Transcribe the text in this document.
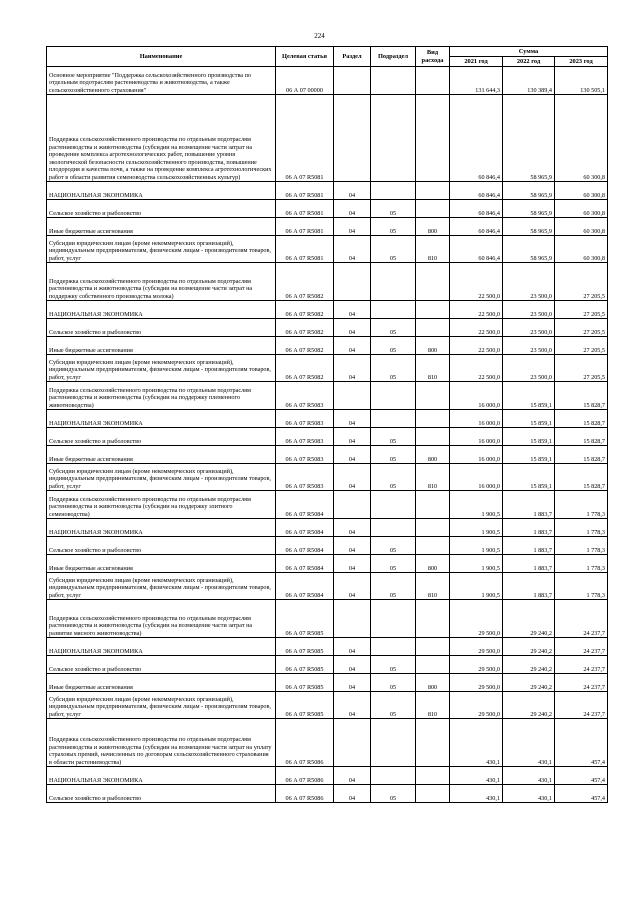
224
Наименование	Целевая статья	Раздел	Подраздел	Вид расхода	Сумма		
					2021 год	2022 год	2023 год
Основное мероприятие "Поддержка сельскохозяйственного производства по отдельным подотраслям растениеводства и животноводства, а также сельскохозяйственного страхования"	06 А 07 00000				131 644,3	130 389,4	130 505,1
Поддержка сельскохозяйственного производства по отдельным подотраслям растениеводства и животноводства (субсидии на возмещение части затрат на проведение комплекса агротехнологических работ, повышение уровня экологической безопасности сельскохозяйственного производства, повышение плодородия и качества почв, а также на проведение комплекса агротехнологических работ в области развития семеноводства сельскохозяйственных культур)	06 А 07 R5081				60 846,4	58 965,9	60 300,8
НАЦИОНАЛЬНАЯ ЭКОНОМИКА	06 А 07 R5081	04			60 846,4	58 965,9	60 300,8
Сельское хозяйство и рыболовство	06 А 07 R5081	04	05		60 846,4	58 965,9	60 300,8
Иные бюджетные ассигнования	06 А 07 R5081	04	05	800	60 846,4	58 965,9	60 300,8
Субсидии юридическим лицам (кроме некоммерческих организаций), индивидуальным предпринимателям, физическим лицам - производителям товаров, работ, услуг	06 А 07 R5081	04	05	810	60 846,4	58 965,9	60 300,8
Поддержка сельскохозяйственного производства по отдельным подотраслям растениеводства и животноводства (субсидии на возмещение части затрат на поддержку собственного производства молока)	06 А 07 R5082				22 500,0	23 500,0	27 205,5
НАЦИОНАЛЬНАЯ ЭКОНОМИКА	06 А 07 R5082	04			22 500,0	23 500,0	27 205,5
Сельское хозяйство и рыболовство	06 А 07 R5082	04	05		22 500,0	23 500,0	27 205,5
Иные бюджетные ассигнования	06 А 07 R5082	04	05	800	22 500,0	23 500,0	27 205,5
Субсидии юридическим лицам (кроме некоммерческих организаций), индивидуальным предпринимателям, физическим лицам - производителям товаров, работ, услуг	06 А 07 R5082	04	05	810	22 500,0	23 500,0	27 205,5
Поддержка сельскохозяйственного производства по отдельным подотраслям растениеводства и животноводства (субсидии на поддержку племенного животноводства)	06 А 07 R5083				16 000,0	15 859,1	15 828,7
НАЦИОНАЛЬНАЯ ЭКОНОМИКА	06 А 07 R5083	04			16 000,0	15 859,1	15 828,7
Сельское хозяйство и рыболовство	06 А 07 R5083	04	05		16 000,0	15 859,1	15 828,7
Иные бюджетные ассигнования	06 А 07 R5083	04	05	800	16 000,0	15 859,1	15 828,7
Субсидии юридическим лицам (кроме некоммерческих организаций), индивидуальным предпринимателям, физическим лицам - производителям товаров, работ, услуг	06 А 07 R5083	04	05	810	16 000,0	15 859,1	15 828,7
Поддержка сельскохозяйственного производства по отдельным подотраслям растениеводства и животноводства (субсидии на поддержку элитного семеноводства)	06 А 07 R5084				1 900,5	1 883,7	1 778,3
НАЦИОНАЛЬНАЯ ЭКОНОМИКА	06 А 07 R5084	04			1 900,5	1 883,7	1 778,3
Сельское хозяйство и рыболовство	06 А 07 R5084	04	05		1 900,5	1 883,7	1 778,3
Иные бюджетные ассигнования	06 А 07 R5084	04	05	800	1 900,5	1 883,7	1 778,3
Субсидии юридическим лицам (кроме некоммерческих организаций), индивидуальным предпринимателям, физическим лицам - производителям товаров, работ, услуг	06 А 07 R5084	04	05	810	1 900,5	1 883,7	1 778,3
Поддержка сельскохозяйственного производства по отдельным подотраслям растениеводства и животноводства (субсидии на возмещение части затрат на развитие мясного животноводства)	06 А 07 R5085				29 500,0	29 240,2	24 237,7
НАЦИОНАЛЬНАЯ ЭКОНОМИКА	06 А 07 R5085	04			29 500,0	29 240,2	24 237,7
Сельское хозяйство и рыболовство	06 А 07 R5085	04	05		29 500,0	29 240,2	24 237,7
Иные бюджетные ассигнования	06 А 07 R5085	04	05	800	29 500,0	29 240,2	24 237,7
Субсидии юридическим лицам (кроме некоммерческих организаций), индивидуальным предпринимателям, физическим лицам - производителям товаров, работ, услуг	06 А 07 R5085	04	05	810	29 500,0	29 240,2	24 237,7
Поддержка сельскохозяйственного производства по отдельным подотраслям растениеводства и животноводства (субсидии на возмещение части затрат на уплату страховых премий, начисленных по договорам сельскохозяйственного страхования в области растениеводства)	06 А 07 R5086				430,1	430,1	457,4
НАЦИОНАЛЬНАЯ ЭКОНОМИКА	06 А 07 R5086	04			430,1	430,1	457,4
Сельское хозяйство и рыболовство	06 А 07 R5086	04	05		430,1	430,1	457,4
